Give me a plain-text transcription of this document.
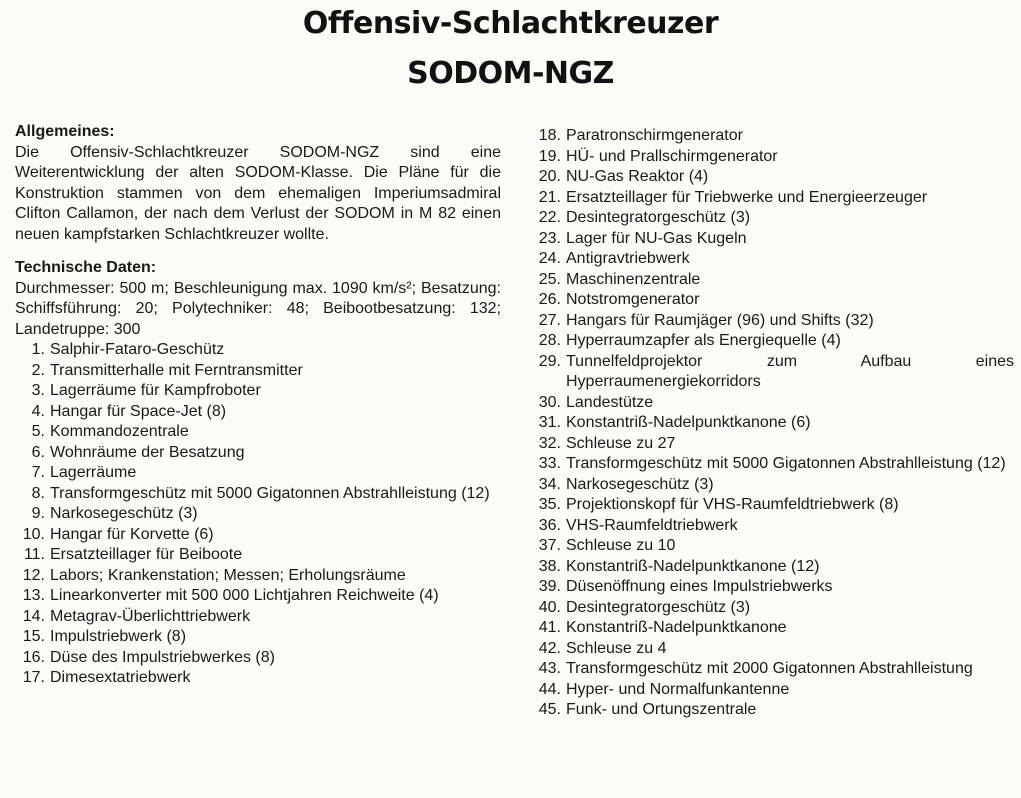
Offensiv-Schlachtkreuzer
SODOM-NGZ
Allgemeines:
Die Offensiv-Schlachtkreuzer SODOM-NGZ sind eine Weiterentwicklung der alten SODOM-Klasse. Die Pläne für die Konstruktion stammen von dem ehemaligen Imperiumsadmiral Clifton Callamon, der nach dem Verlust der SODOM in M 82 einen neuen kampfstarken Schlachtkreuzer wollte.
Technische Daten:
Durchmesser: 500 m; Beschleunigung max. 1090 km/s²; Besatzung: Schiffsführung: 20; Polytechniker: 48; Beibootbesatzung: 132; Landetruppe: 300
1. Salphir-Fataro-Geschütz
2. Transmitterhalle mit Ferntransmitter
3. Lagerräume für Kampfroboter
4. Hangar für Space-Jet (8)
5. Kommandozentrale
6. Wohnräume der Besatzung
7. Lagerräume
8. Transformgeschütz mit 5000 Gigatonnen Abstrahlleistung (12)
9. Narkosegeschütz (3)
10. Hangar für Korvette (6)
11. Ersatzteillager für Beiboote
12. Labors; Krankenstation; Messen; Erholungsräume
13. Linearkonverter mit 500 000 Lichtjahren Reichweite (4)
14. Metagrav-Überlichttriebwerk
15. Impulstriebwerk (8)
16. Düse des Impulstriebwerkes (8)
17. Dimesextatriebwerk
18. Paratronschirmgenerator
19. HÜ- und Prallschirmgenerator
20. NU-Gas Reaktor (4)
21. Ersatzteillager für Triebwerke und Energieerzeuger
22. Desintegratorgeschütz (3)
23. Lager für NU-Gas Kugeln
24. Antigravtriebwerk
25. Maschinenzentrale
26. Notstromgenerator
27. Hangars für Raumjäger (96) und Shifts (32)
28. Hyperraumzapfer als Energiequelle (4)
29. Tunnelfeldprojektor zum Aufbau eines Hyperraumenergiekorridors
30. Landestütze
31. Konstantriß-Nadelpunktkanone (6)
32. Schleuse zu 27
33. Transformgeschütz mit 5000 Gigatonnen Abstrahlleistung (12)
34. Narkosegeschütz (3)
35. Projektionskopf für VHS-Raumfeldtriebwerk (8)
36. VHS-Raumfeldtriebwerk
37. Schleuse zu 10
38. Konstantriß-Nadelpunktkanone (12)
39. Düsenöffnung eines Impulstriebwerks
40. Desintegratorgeschütz (3)
41. Konstantriß-Nadelpunktkanone
42. Schleuse zu 4
43. Transformgeschütz mit 2000 Gigatonnen Abstrahlleistung
44. Hyper- und Normalfunkantenne
45. Funk- und Ortungszentrale
